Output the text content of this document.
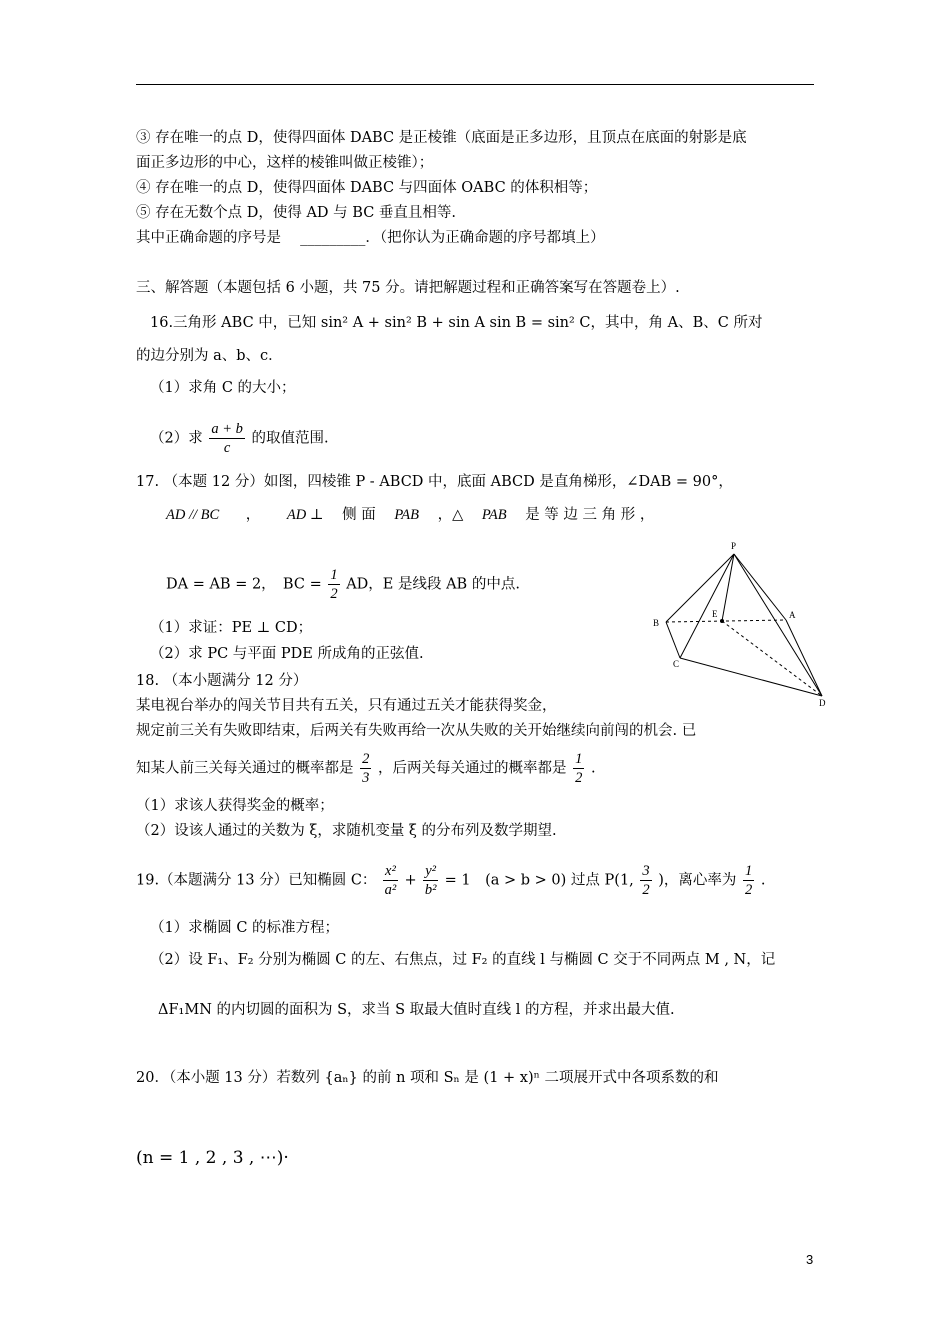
③ 存在唯一的点 D，使得四面体 DABC 是正棱锥（底面是正多边形，且顶点在底面的射影是底
面正多边形的中心，这样的棱锥叫做正棱锥）；
④ 存在唯一的点 D，使得四面体 DABC 与四面体 OABC 的体积相等；
⑤ 存在无数个点 D，使得 AD 与 BC 垂直且相等.
其中正确命题的序号是　 _________．（把你认为正确命题的序号都填上）
三、解答题（本题包括 6 小题，共 75 分。请把解题过程和正确答案写在答题卷上）.
16.三角形 ABC 中，已知 sin² A + sin² B + sin A sin B = sin² C，其中，角 A、B、C 所对
的边分别为 a、b、c．
（1）求角 C 的大小；
（2）求 $\frac{a + b}{c}$ 的取值范围.
17. （本题 12 分）如图，四棱锥 P - ABCD 中，底面 ABCD 是直角梯形，∠DAB = 90°，
AD // BC ， AD ⊥ 侧 面 PAB ，△ PAB 是 等 边 三 角 形 ，
DA = AB = 2，　BC = $\frac{1}{2}$ AD，E 是线段 AB 的中点.
（1）求证：PE ⊥ CD；
（2）求 PC 与平面 PDE 所成角的正弦值.
P
B
E	A
C
D
18. （本小题满分 12 分）
某电视台举办的闯关节目共有五关，只有通过五关才能获得奖金，
规定前三关有失败即结束，后两关有失败再给一次从失败的关开始继续向前闯的机会. 已
知某人前三关每关通过的概率都是 $\frac{2}{3}$ ，后两关每关通过的概率都是 $\frac{1}{2}$ .
（1）求该人获得奖金的概率；
（2）设该人通过的关数为 ξ，求随机变量 ξ 的分布列及数学期望.
19.（本题满分 13 分）已知椭圆 C： $\frac{\text{x²}}{\text{a²}} + \frac{\text{y²}}{\text{b²}} = 1$　(a > b > 0) 过点 P(1, $\frac{3}{2}$ )，离心率为 $\frac{1}{2}$ .
（1）求椭圆 C 的标准方程；
（2）设 F₁、F₂ 分别为椭圆 C 的左、右焦点，过 F₂ 的直线 l 与椭圆 C 交于不同两点 M , N，记
ΔF₁MN 的内切圆的面积为 S，求当 S 取最大值时直线 l 的方程，并求出最大值.
20．（本小题 13 分）若数列 {aₙ} 的前 n 项和 Sₙ 是 (1 + x)ⁿ 二项展开式中各项系数的和
(n = 1 , 2 , 3 , ⋯)·
3
